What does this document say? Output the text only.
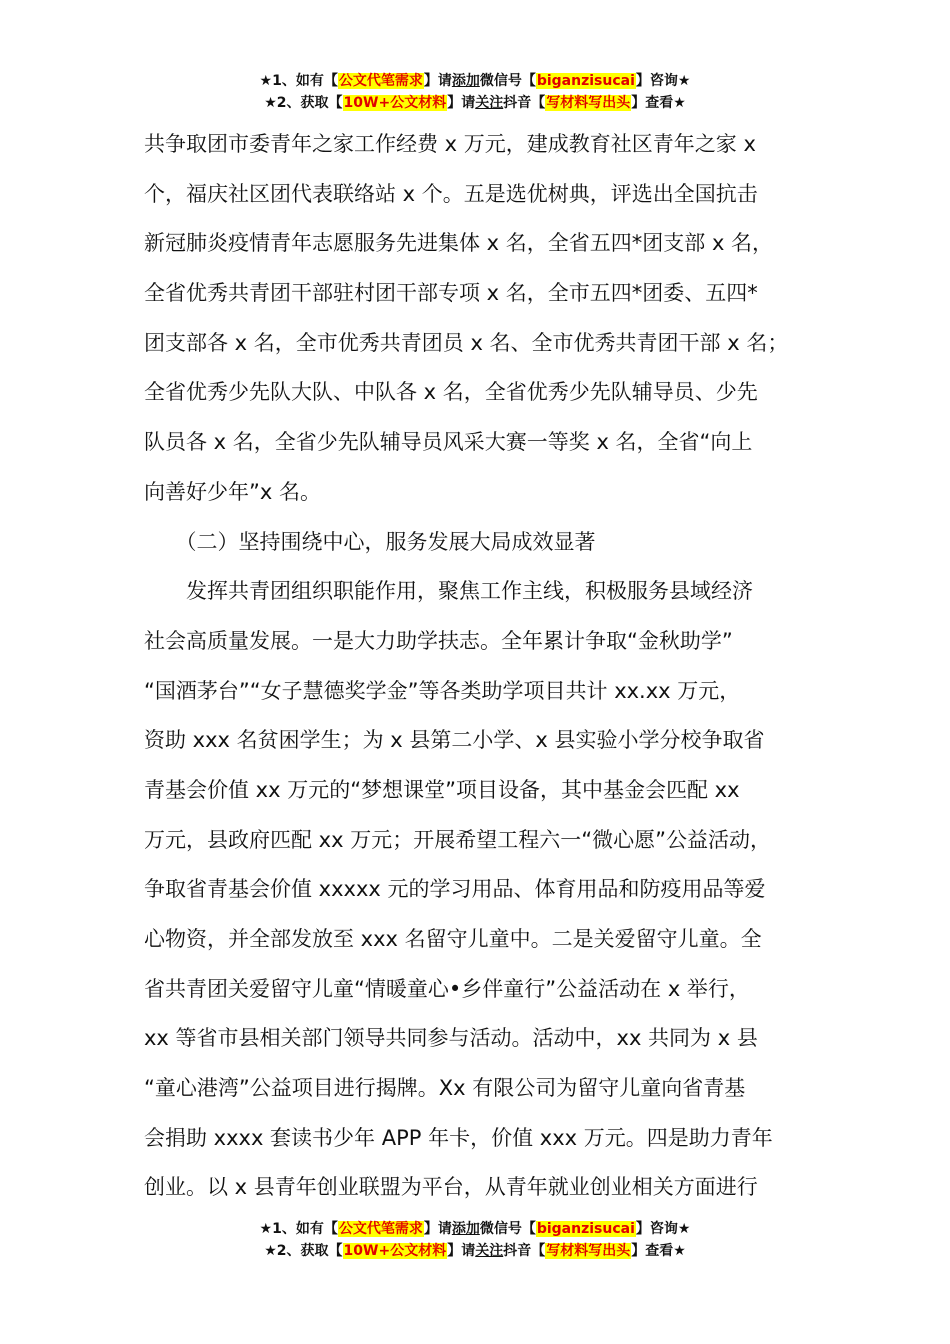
★1、如有【公文代笔需求】请添加微信号【biganzisucai】咨询★
★2、获取【10W+公文材料】请关注抖音【写材料写出头】查看★
共争取团市委青年之家工作经费 x 万元，建成教育社区青年之家 x
个，福庆社区团代表联络站 x 个。五是选优树典，评选出全国抗击
新冠肺炎疫情青年志愿服务先进集体 x 名，全省五四*团支部 x 名，
全省优秀共青团干部驻村团干部专项 x 名，全市五四*团委、五四*
团支部各 x 名，全市优秀共青团员 x 名、全市优秀共青团干部 x 名；
全省优秀少先队大队、中队各 x 名，全省优秀少先队辅导员、少先
队员各 x 名，全省少先队辅导员风采大赛一等奖 x 名，全省“向上
向善好少年”x 名。
　　（二）坚持围绕中心，服务发展大局成效显著
　　发挥共青团组织职能作用，聚焦工作主线，积极服务县域经济
社会高质量发展。一是大力助学扶志。全年累计争取“金秋助学”
“国酒茅台”“女子慧德奖学金”等各类助学项目共计 xx.xx 万元，
资助 xxx 名贫困学生；为 x 县第二小学、x 县实验小学分校争取省
青基会价值 xx 万元的“梦想课堂”项目设备，其中基金会匹配 xx
万元，县政府匹配 xx 万元；开展希望工程六一“微心愿”公益活动，
争取省青基会价值 xxxxx 元的学习用品、体育用品和防疫用品等爱
心物资，并全部发放至 xxx 名留守儿童中。二是关爱留守儿童。全
省共青团关爱留守儿童“情暖童心•乡伴童行”公益活动在 x 举行，
xx 等省市县相关部门领导共同参与活动。活动中，xx 共同为 x 县
“童心港湾”公益项目进行揭牌。Xx 有限公司为留守儿童向省青基
会捐助 xxxx 套读书少年 APP 年卡，价值 xxx 万元。四是助力青年
创业。以 x 县青年创业联盟为平台，从青年就业创业相关方面进行
★1、如有【公文代笔需求】请添加微信号【biganzisucai】咨询★
★2、获取【10W+公文材料】请关注抖音【写材料写出头】查看★
